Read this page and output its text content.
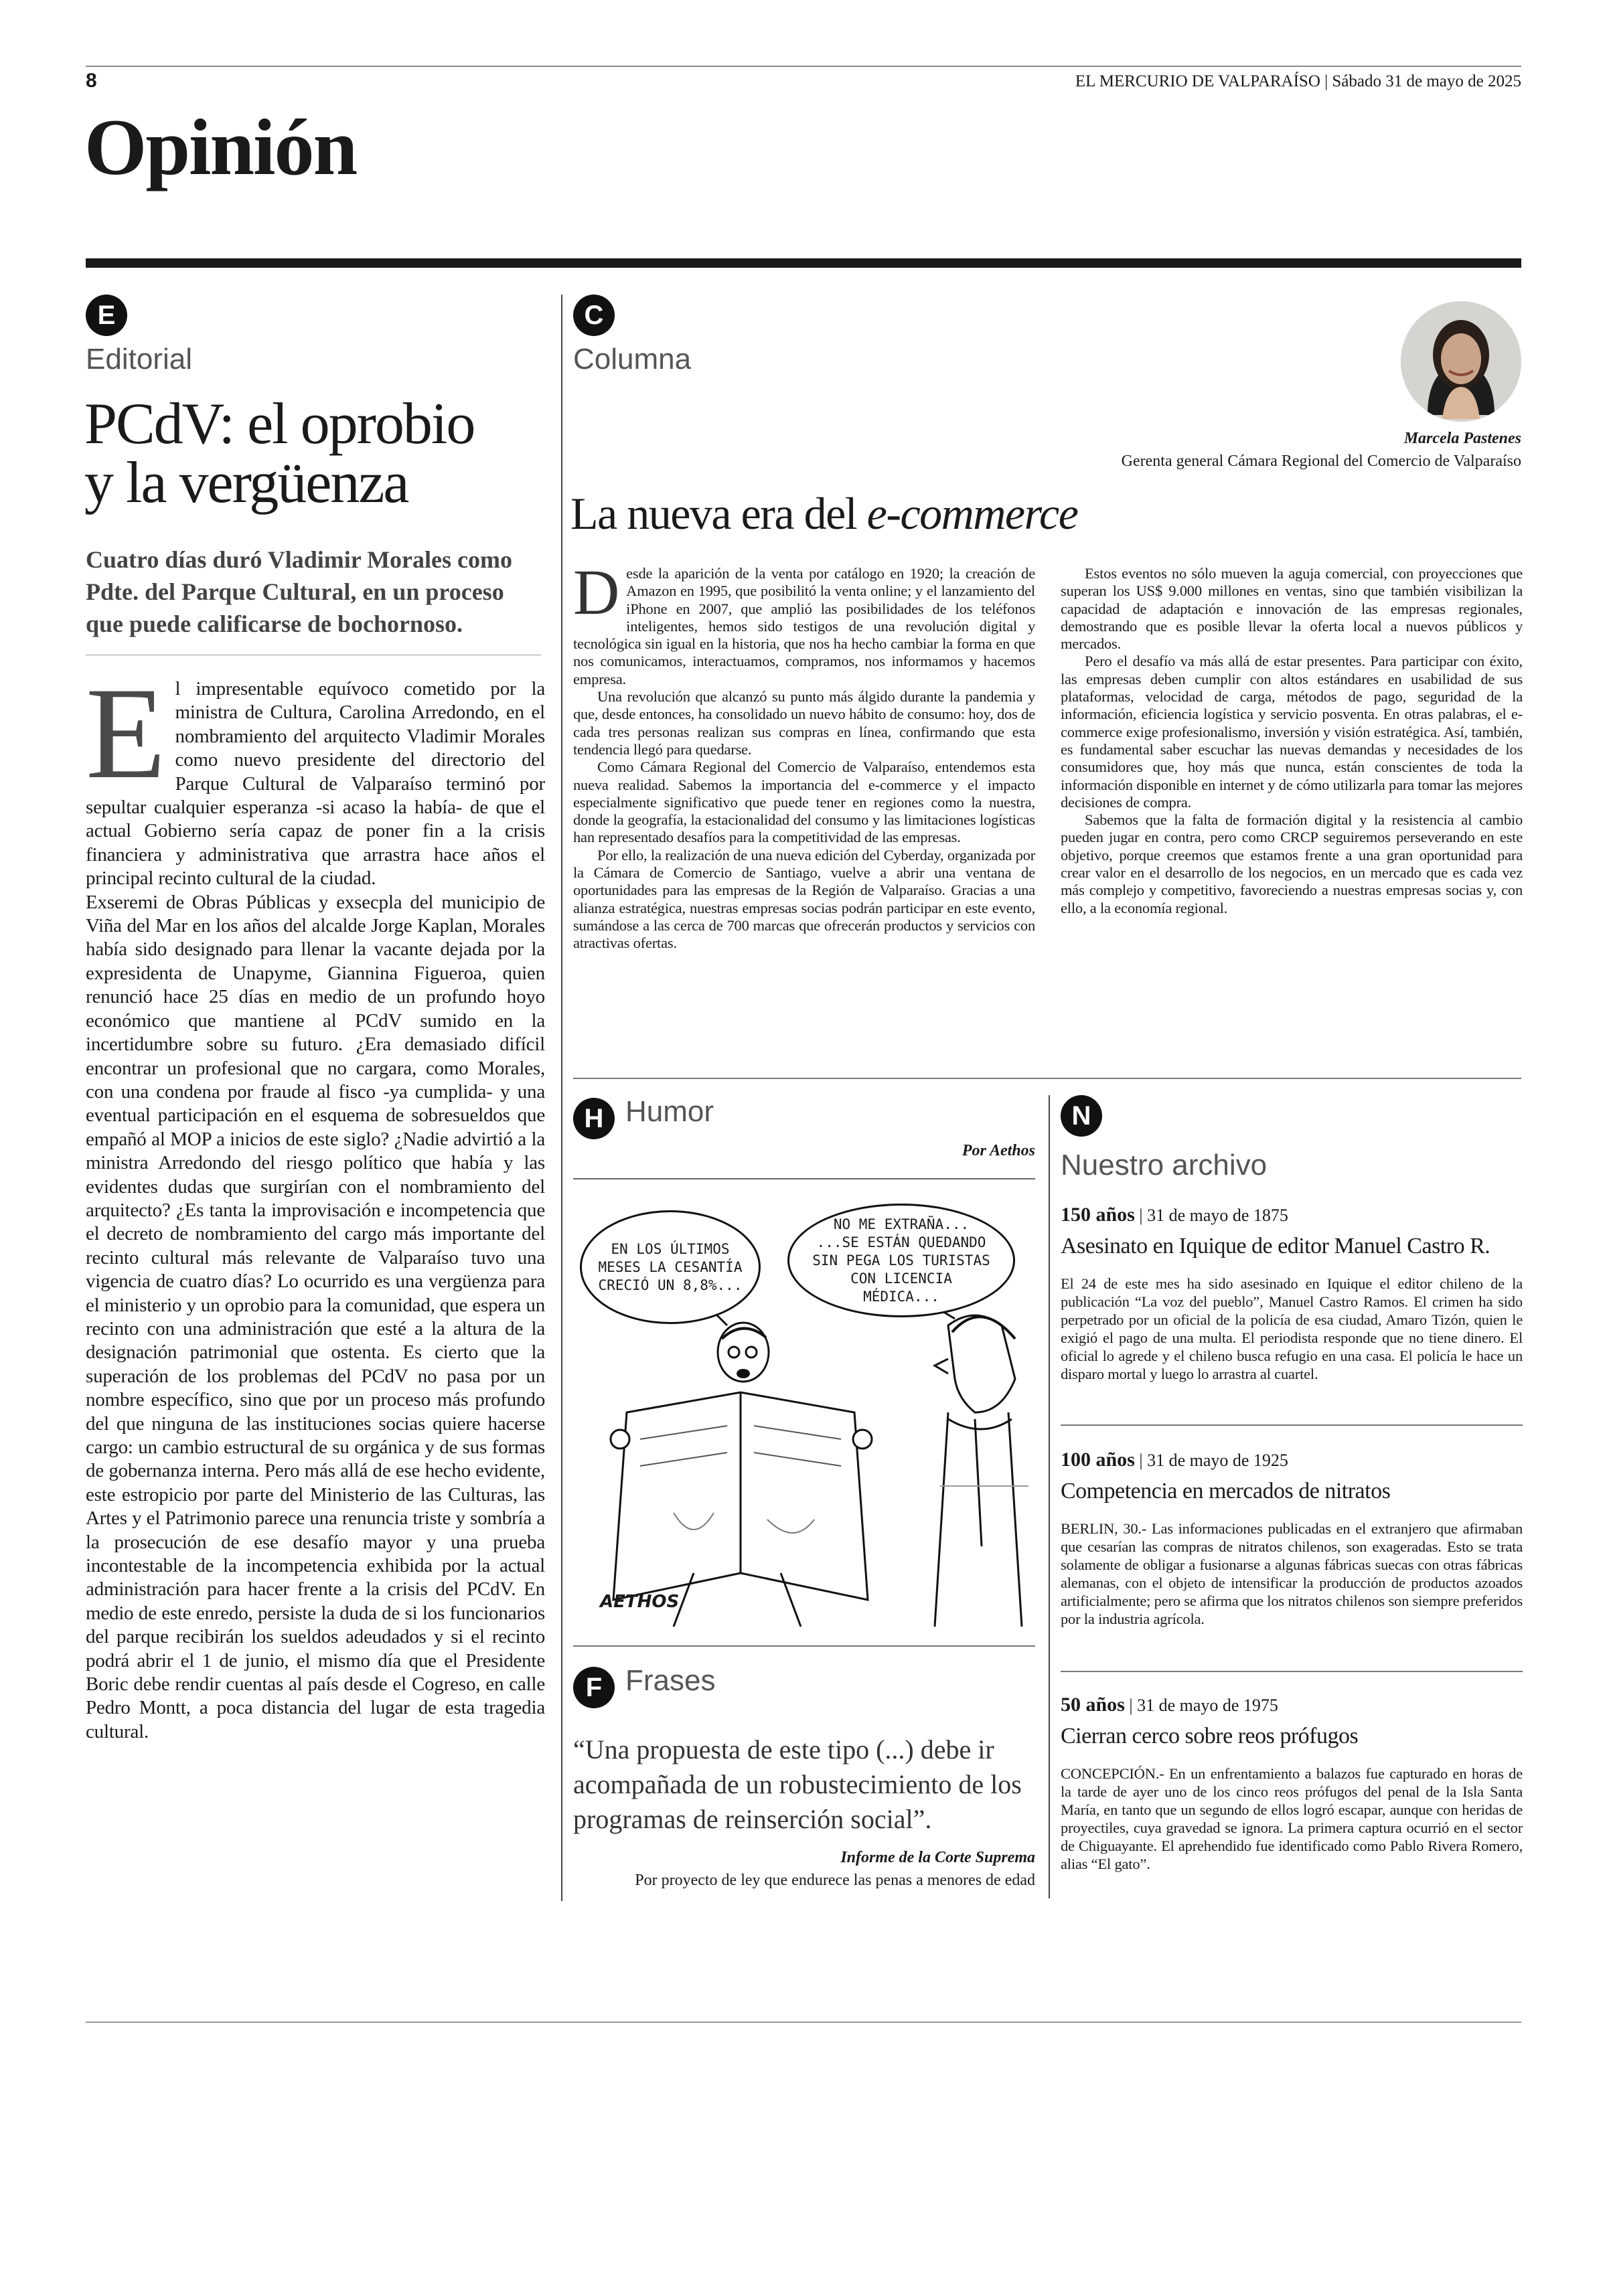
8	EL MERCURIO DE VALPARAÍSO | Sábado 31 de mayo de 2025
Opinión
E
Editorial
PCdV: el oprobio
y la vergüenza
Cuatro días duró Vladimir Morales como Pdte. del Parque Cultural, en un proceso que puede calificarse de bochornoso.
E l impresentable equívoco cometido por la ministra de Cultura, Carolina Arredondo, en el nombramiento del arquitecto Vladimir Morales como nuevo presidente del directorio del Parque Cultural de Valparaíso terminó por sepultar cualquier esperanza -si acaso la había- de que el actual Gobierno sería capaz de poner fin a la crisis financiera y administrativa que arrastra hace años el principal recinto cultural de la ciudad.

Exseremi de Obras Públicas y exsecpla del municipio de Viña del Mar en los años del alcalde Jorge Kaplan, Morales había sido designado para llenar la vacante dejada por la expresidenta de Unapyme, Giannina Figueroa, quien renunció hace 25 días en medio de un profundo hoyo económico que mantiene al PCdV sumido en la incertidumbre sobre su futuro. ¿Era demasiado difícil encontrar un profesional que no cargara, como Morales, con una condena por fraude al fisco -ya cumplida- y una eventual participación en el esquema de sobresueldos que empañó al MOP a inicios de este siglo? ¿Nadie advirtió a la ministra Arredondo del riesgo político que había y las evidentes dudas que surgirían con el nombramiento del arquitecto? ¿Es tanta la improvisación e incompetencia que el decreto de nombramiento del cargo más importante del recinto cultural más relevante de Valparaíso tuvo una vigencia de cuatro días? Lo ocurrido es una vergüenza para el ministerio y un oprobio para la comunidad, que espera un recinto con una administración que esté a la altura de la designación patrimonial que ostenta. Es cierto que la superación de los problemas del PCdV no pasa por un nombre específico, sino que por un proceso más profundo del que ninguna de las instituciones socias quiere hacerse cargo: un cambio estructural de su orgánica y de sus formas de gobernanza interna. Pero más allá de ese hecho evidente, este estropicio por parte del Ministerio de las Culturas, las Artes y el Patrimonio parece una renuncia triste y sombría a la prosecución de ese desafío mayor y una prueba incontestable de la incompetencia exhibida por la actual administración para hacer frente a la crisis del PCdV. En medio de este enredo, persiste la duda de si los funcionarios del parque recibirán los sueldos adeudados y si el recinto podrá abrir el 1 de junio, el mismo día que el Presidente Boric debe rendir cuentas al país desde el Cogreso, en calle Pedro Montt, a poca distancia del lugar de esta tragedia cultural.

C
Columna
Marcela Pastenes
Gerenta general Cámara Regional del Comercio de Valparaíso
La nueva era del e-commerce
D esde la aparición de la venta por catálogo en 1920; la creación de Amazon en 1995, que posibilitó la venta online; y el lanzamiento del iPhone en 2007, que amplió las posibilidades de los teléfonos inteligentes, hemos sido testigos de una revolución digital y tecnológica sin igual en la historia, que nos ha hecho cambiar la forma en que nos comunicamos, interactuamos, compramos, nos informamos y hacemos empresa.

Una revolución que alcanzó su punto más álgido durante la pandemia y que, desde entonces, ha consolidado un nuevo hábito de consumo: hoy, dos de cada tres personas realizan sus compras en línea, confirmando que esta tendencia llegó para quedarse.

Como Cámara Regional del Comercio de Valparaíso, entendemos esta nueva realidad. Sabemos la importancia del e-commerce y el impacto especialmente significativo que puede tener en regiones como la nuestra, donde la geografía, la estacionalidad del consumo y las limitaciones logísticas han representado desafíos para la competitividad de las empresas.

Por ello, la realización de una nueva edición del Cyberday, organizada por la Cámara de Comercio de Santiago, vuelve a abrir una ventana de oportunidades para las empresas de la Región de Valparaíso. Gracias a una alianza estratégica, nuestras empresas socias podrán participar en este evento, sumándose a las cerca de 700 marcas que ofrecerán productos y servicios con atractivas ofertas.

Estos eventos no sólo mueven la aguja comercial, con proyecciones que superan los US$ 9.000 millones en ventas, sino que también visibilizan la capacidad de adaptación e innovación de las empresas regionales, demostrando que es posible llevar la oferta local a nuevos públicos y mercados.

Pero el desafío va más allá de estar presentes. Para participar con éxito, las empresas deben cumplir con altos estándares en usabilidad de sus plataformas, velocidad de carga, métodos de pago, seguridad de la información, eficiencia logística y servicio posventa. En otras palabras, el e-commerce exige profesionalismo, inversión y visión estratégica. Así, también, es fundamental saber escuchar las nuevas demandas y necesidades de los consumidores que, hoy más que nunca, están conscientes de toda la información disponible en internet y de cómo utilizarla para tomar las mejores decisiones de compra.

Sabemos que la falta de formación digital y la resistencia al cambio pueden jugar en contra, pero como CRCP seguiremos perseverando en este objetivo, porque creemos que estamos frente a una gran oportunidad para crear valor en el desarrollo de los negocios, en un mercado que es cada vez más complejo y competitivo, favoreciendo a nuestras empresas socias y, con ello, a la economía regional.

H Humor
Por Aethos
EN LOS ÚLTIMOS MESES LA CESANTÍA CRECIÓ UN 8,8%...
NO ME EXTRAÑA... ...SE ESTÁN QUEDANDO SIN PEGA LOS TURISTAS CON LICENCIA MÉDICA...
AETHOS
F Frases
“Una propuesta de este tipo (...) debe ir acompañada de un robustecimiento de los programas de reinserción social”.
Informe de la Corte Suprema
Por proyecto de ley que endurece las penas a menores de edad
N
Nuestro archivo
150 años | 31 de mayo de 1875
Asesinato en Iquique de editor Manuel Castro R.
El 24 de este mes ha sido asesinado en Iquique el editor chileno de la publicación “La voz del pueblo”, Manuel Castro Ramos. El crimen ha sido perpetrado por un oficial de la policía de esa ciudad, Amaro Tizón, quien le exigió el pago de una multa. El periodista responde que no tiene dinero. El oficial lo agrede y el chileno busca refugio en una casa. El policía le hace un disparo mortal y luego lo arrastra al cuartel.
100 años | 31 de mayo de 1925
Competencia en mercados de nitratos
BERLIN, 30.- Las informaciones publicadas en el extranjero que afirmaban que cesarían las compras de nitratos chilenos, son exageradas. Esto se trata solamente de obligar a fusionarse a algunas fábricas suecas con otras fábricas alemanas, con el objeto de intensificar la producción de productos azoados artificialmente; pero se afirma que los nitratos chilenos son siempre preferidos por la industria agrícola.
50 años | 31 de mayo de 1975
Cierran cerco sobre reos prófugos
CONCEPCIÓN.- En un enfrentamiento a balazos fue capturado en horas de la tarde de ayer uno de los cinco reos prófugos del penal de la Isla Santa María, en tanto que un segundo de ellos logró escapar, aunque con heridas de proyectiles, cuya gravedad se ignora. La primera captura ocurrió en el sector de Chiguayante. El aprehendido fue identificado como Pablo Rivera Romero, alias “El gato”.
